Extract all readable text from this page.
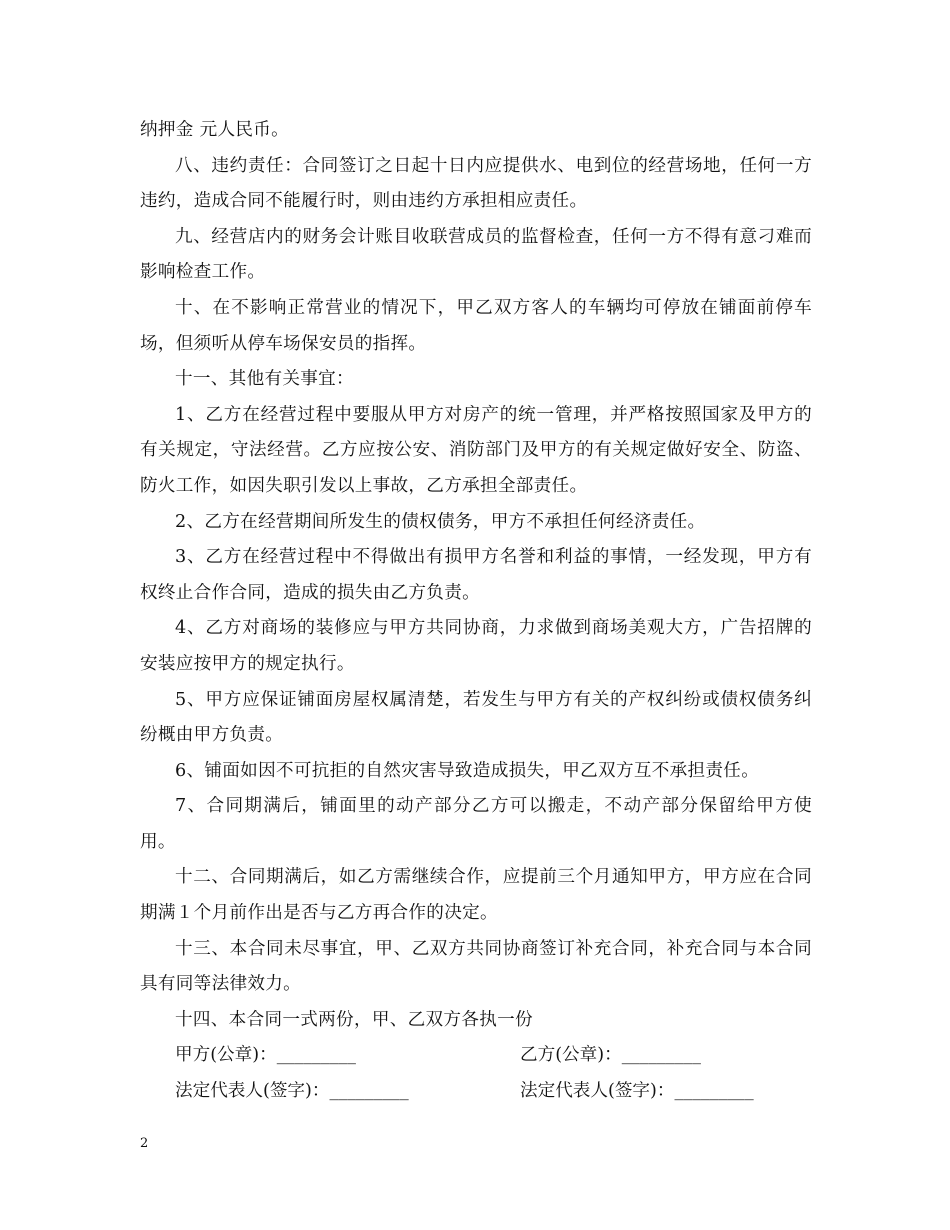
纳押金 元人民币。

八、违约责任：合同签订之日起十日内应提供水、电到位的经营场地，任何一方违约，造成合同不能履行时，则由违约方承担相应责任。

九、经营店内的财务会计账目收联营成员的监督检查，任何一方不得有意刁难而影响检查工作。

十、在不影响正常营业的情况下，甲乙双方客人的车辆均可停放在铺面前停车场，但须听从停车场保安员的指挥。

十一、其他有关事宜：

1、乙方在经营过程中要服从甲方对房产的统一管理，并严格按照国家及甲方的有关规定，守法经营。乙方应按公安、消防部门及甲方的有关规定做好安全、防盗、防火工作，如因失职引发以上事故，乙方承担全部责任。

2、乙方在经营期间所发生的债权债务，甲方不承担任何经济责任。

3、乙方在经营过程中不得做出有损甲方名誉和利益的事情，一经发现，甲方有权终止合作合同，造成的损失由乙方负责。

4、乙方对商场的装修应与甲方共同协商，力求做到商场美观大方，广告招牌的安装应按甲方的规定执行。

5、甲方应保证铺面房屋权属清楚，若发生与甲方有关的产权纠纷或债权债务纠纷概由甲方负责。

6、铺面如因不可抗拒的自然灾害导致造成损失，甲乙双方互不承担责任。

7、合同期满后，铺面里的动产部分乙方可以搬走，不动产部分保留给甲方使用。

十二、合同期满后，如乙方需继续合作，应提前三个月通知甲方，甲方应在合同期满１个月前作出是否与乙方再合作的决定。

十三、本合同未尽事宜，甲、乙双方共同协商签订补充合同，补充合同与本合同具有同等法律效力。

十四、本合同一式两份，甲、乙双方各执一份

甲方(公章)：_________	乙方(公章)：_________
法定代表人(签字)：_________	法定代表人(签字)：_________
2
